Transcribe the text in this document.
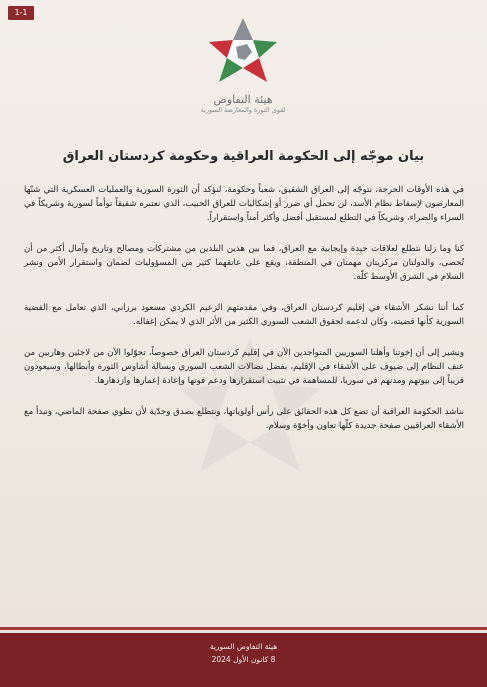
1-1
هيئة التفاوض
لقوى الثورة والمعارضة السورية
بيان موجّه إلى الحكومة العراقية وحكومة كردستان العراق

في هذه الأوقات الحرجة، نتوجّه إلى العراق الشقيق، شعباً وحكومة، لنؤكد أن الثورة السورية والعمليات العسكرية التي شنّها المعارضون لإسقاط نظام الأسد، لن تحمل أي ضرر أو إشكاليات للعراق الحبيب، الذي نعتبره شقيقاً توأماً لسورية وشريكاً في السراء والضراء، وشريكاً في التطلع لمستقبل أفضل وأكثر أمناً واستقراراً.

كنا وما زلنا نتطلع لعلاقات جيدة وإيجابية مع العراق، فما بين هذين البلدين من مشتركات ومصالح وتاريخ وآمال أكثر من أن تُحصى، والدولتان مركزيتان مهمتان في المنطقة، ويقع على عاتقهما كثير من المسؤوليات لضمان واستقرار الأمن ونشر السلام في الشرق الأوسط كلّه.

كما أننا نشكر الأشقاء في إقليم كردستان العراق، وفي مقدمتهم الزعيم الكردي مسعود برزاني، الذي تعامل مع القضية السورية كأنها قضيته، وكان لدعمه لحقوق الشعب السوري الكثير من الأثر الذي لا يمكن إغفاله.

ونشير إلى أن إخوتنا وأهلنا السوريين المتواجدين الآن في إقليم كردستان العراق خصوصاً، تحوّلوا الآن من لاجئين وهاربين من عنف النظام إلى ضيوف على الأشقاء في الإقليم، بفضل نضالات الشعب السوري وبسالة أشاوس الثورة وأبطالها، وسيعودون قريباً إلى بيوتهم ومدنهم في سوريا، للمساهمة في تثبيت استقرارها ودعم قوتها وإعادة إعمارها وازدهارها.

نناشد الحكومة العراقية أن تضع كل هذه الحقائق على رأس أولوياتها، ونتطلع بصدق وجدّية لأن نطوي صفحة الماضي، ونبدأ مع الأشقاء العراقيين صفحة جديدة كلّها تعاون وأخوّة وسلام.

هيئة التفاوض السورية
8 كانون الأول 2024
